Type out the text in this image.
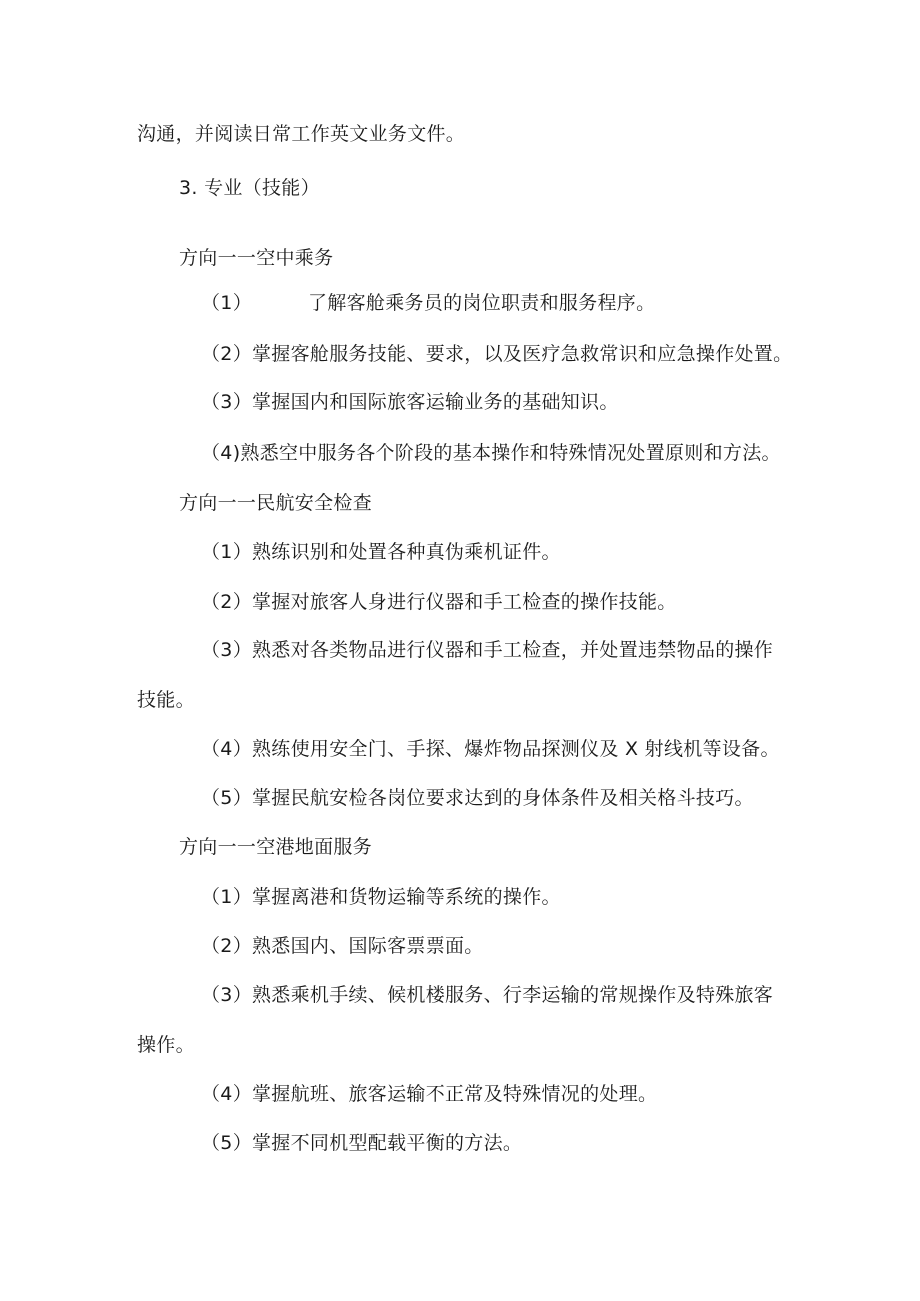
沟通，并阅读日常工作英文业务文件。
3. 专业（技能）
方向一一空中乘务
（1）	了解客舱乘务员的岗位职责和服务程序。
（2）掌握客舱服务技能、要求，以及医疗急救常识和应急操作处置。
（3）掌握国内和国际旅客运输业务的基础知识。
（4)熟悉空中服务各个阶段的基本操作和特殊情况处置原则和方法。
方向一一民航安全检查
（1）熟练识别和处置各种真伪乘机证件。
（2）掌握对旅客人身进行仪器和手工检查的操作技能。
（3）熟悉对各类物品进行仪器和手工检查，并处置违禁物品的操作
技能。
（4）熟练使用安全门、手探、爆炸物品探测仪及 X 射线机等设备。
（5）掌握民航安检各岗位要求达到的身体条件及相关格斗技巧。
方向一一空港地面服务
（1）掌握离港和货物运输等系统的操作。
（2）熟悉国内、国际客票票面。
（3）熟悉乘机手续、候机楼服务、行李运输的常规操作及特殊旅客
操作。
（4）掌握航班、旅客运输不正常及特殊情况的处理。
（5）掌握不同机型配载平衡的方法。
